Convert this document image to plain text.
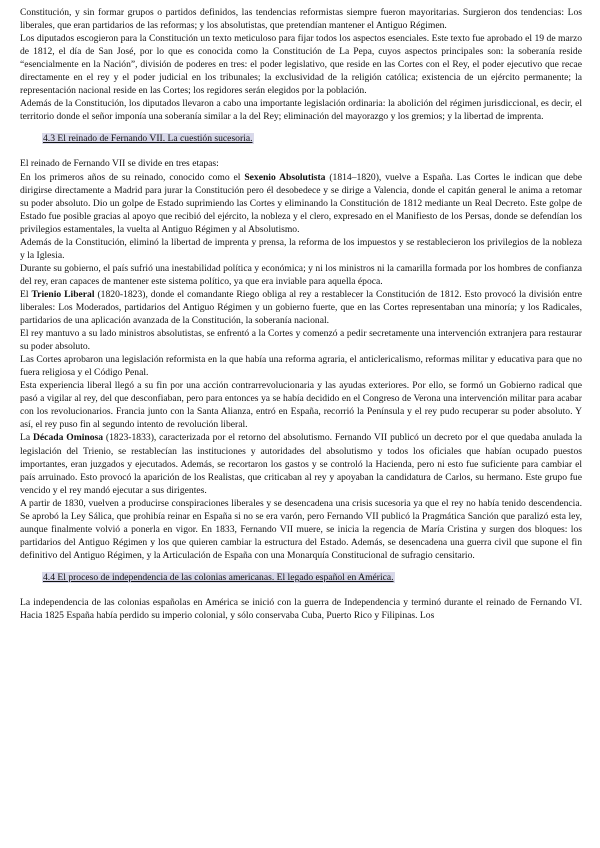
Constitución, y sin formar grupos o partidos definidos, las tendencias reformistas siempre fueron mayoritarias. Surgieron dos tendencias: Los liberales, que eran partidarios de las reformas; y los absolutistas, que pretendían mantener el Antiguo Régimen.

Los diputados escogieron para la Constitución un texto meticuloso para fijar todos los aspectos esenciales. Este texto fue aprobado el 19 de marzo de 1812, el día de San José, por lo que es conocida como la Constitución de La Pepa, cuyos aspectos principales son: la soberanía reside “esencialmente en la Nación”, división de poderes en tres: el poder legislativo, que reside en las Cortes con el Rey, el poder ejecutivo que recae directamente en el rey y el poder judicial en los tribunales; la exclusividad de la religión católica; existencia de un ejército permanente; la representación nacional reside en las Cortes; los regidores serán elegidos por la población.

Además de la Constitución, los diputados llevaron a cabo una importante legislación ordinaria: la abolición del régimen jurisdiccional, es decir, el territorio donde el señor imponía una soberanía similar a la del Rey; eliminación del mayorazgo y los gremios; y la libertad de imprenta.

4.3 El reinado de Fernando VII. La cuestión sucesoria.

El reinado de Fernando VII se divide en tres etapas:

En los primeros años de su reinado, conocido como el Sexenio Absolutista (1814–1820), vuelve a España. Las Cortes le indican que debe dirigirse directamente a Madrid para jurar la Constitución pero él desobedece y se dirige a Valencia, donde el capitán general le anima a retomar su poder absoluto. Dio un golpe de Estado suprimiendo las Cortes y eliminando la Constitución de 1812 mediante un Real Decreto. Este golpe de Estado fue posible gracias al apoyo que recibió del ejército, la nobleza y el clero, expresado en el Manifiesto de los Persas, donde se defendían los privilegios estamentales, la vuelta al Antiguo Régimen y al Absolutismo.

Además de la Constitución, eliminó la libertad de imprenta y prensa, la reforma de los impuestos y se restablecieron los privilegios de la nobleza y la Iglesia.

Durante su gobierno, el país sufrió una inestabilidad política y económica; y ni los ministros ni la camarilla formada por los hombres de confianza del rey, eran capaces de mantener este sistema político, ya que era inviable para aquella época.

El Trienio Liberal (1820-1823), donde el comandante Riego obliga al rey a restablecer la Constitución de 1812. Esto provocó la división entre liberales: Los Moderados, partidarios del Antiguo Régimen y un gobierno fuerte, que en las Cortes representaban una minoría; y los Radicales, partidarios de una aplicación avanzada de la Constitución, la soberanía nacional.

El rey mantuvo a su lado ministros absolutistas, se enfrentó a la Cortes y comenzó a pedir secretamente una intervención extranjera para restaurar su poder absoluto.

Las Cortes aprobaron una legislación reformista en la que había una reforma agraria, el anticlericalismo, reformas militar y educativa para que no fuera religiosa y el Código Penal.

Esta experiencia liberal llegó a su fin por una acción contrarrevolucionaria y las ayudas exteriores. Por ello, se formó un Gobierno radical que pasó a vigilar al rey, del que desconfiaban, pero para entonces ya se había decidido en el Congreso de Verona una intervención militar para acabar con los revolucionarios. Francia junto con la Santa Alianza, entró en España, recorrió la Península y el rey pudo recuperar su poder absoluto. Y así, el rey puso fin al segundo intento de revolución liberal.

La Década Ominosa (1823-1833), caracterizada por el retorno del absolutismo. Fernando VII publicó un decreto por el que quedaba anulada la legislación del Trienio, se restablecían las instituciones y autoridades del absolutismo y todos los oficiales que habían ocupado puestos importantes, eran juzgados y ejecutados. Además, se recortaron los gastos y se controló la Hacienda, pero ni esto fue suficiente para cambiar el país arruinado. Esto provocó la aparición de los Realistas, que criticaban al rey y apoyaban la candidatura de Carlos, su hermano. Este grupo fue vencido y el rey mandó ejecutar a sus dirigentes.

A partir de 1830, vuelven a producirse conspiraciones liberales y se desencadena una crisis sucesoria ya que el rey no había tenido descendencia. Se aprobó la Ley Sálica, que prohibía reinar en España si no se era varón, pero Fernando VII publicó la Pragmática Sanción que paralizó esta ley, aunque finalmente volvió a ponerla en vigor. En 1833, Fernando VII muere, se inicia la regencia de María Cristina y surgen dos bloques: los partidarios del Antiguo Régimen y los que quieren cambiar la estructura del Estado. Además, se desencadena una guerra civil que supone el fin definitivo del Antiguo Régimen, y la Articulación de España con una Monarquía Constitucional de sufragio censitario.

4.4 El proceso de independencia de las colonias americanas. El legado español en América.

La independencia de las colonias españolas en América se inició con la guerra de Independencia y terminó durante el reinado de Fernando VI. Hacia 1825 España había perdido su imperio colonial, y sólo conservaba Cuba, Puerto Rico y Filipinas. Los
